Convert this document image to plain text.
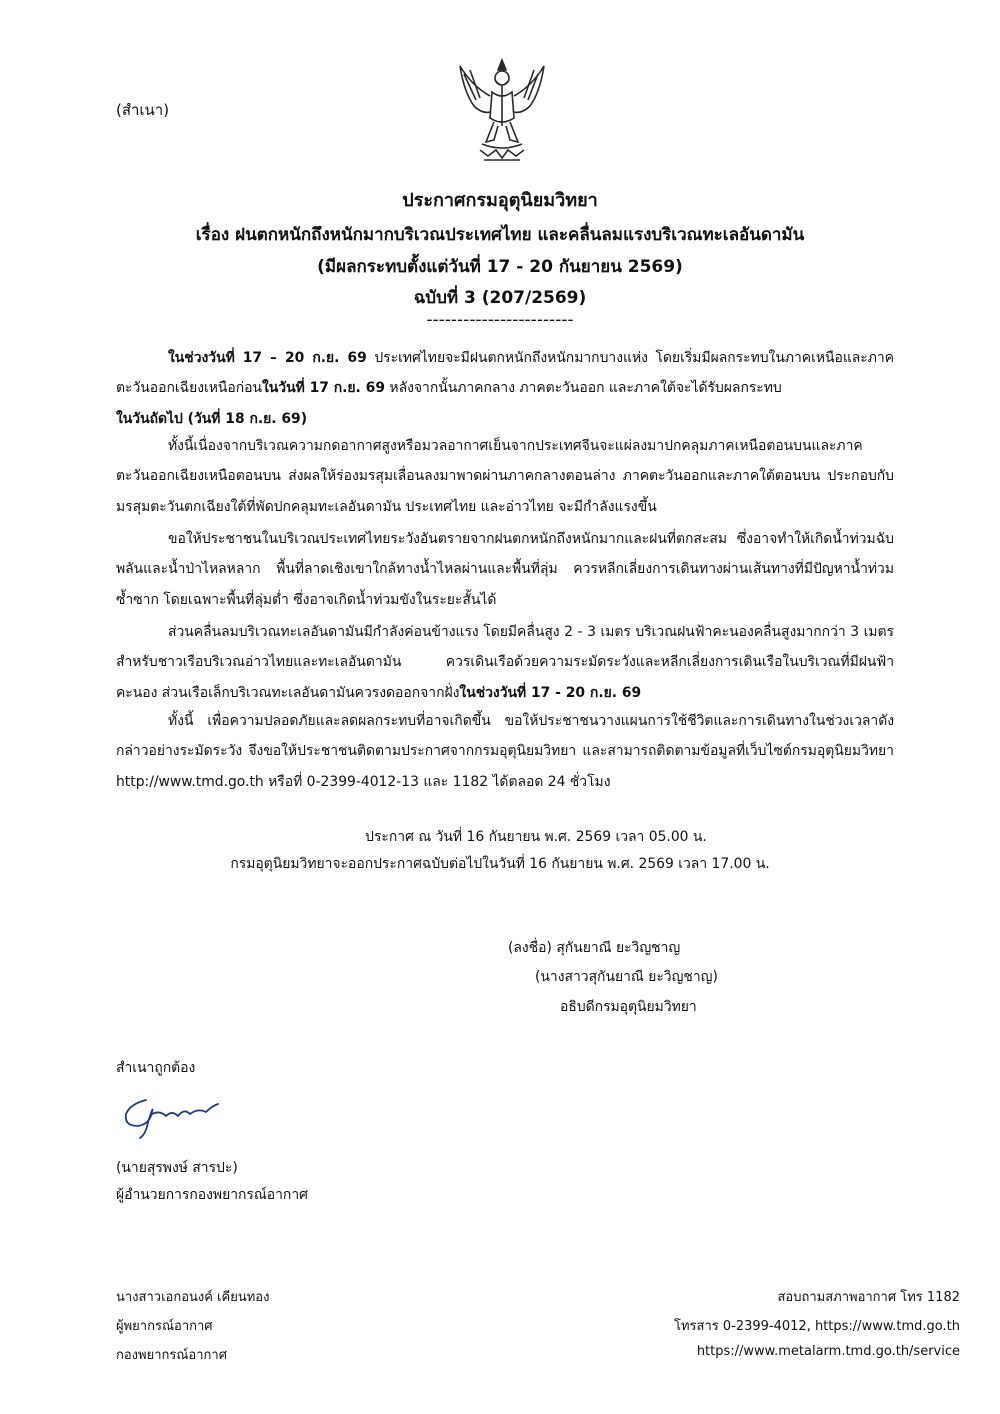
(สำเนา)
ประกาศกรมอุตุนิยมวิทยา
เรื่อง ฝนตกหนักถึงหนักมากบริเวณประเทศไทย และคลื่นลมแรงบริเวณทะเลอันดามัน
(มีผลกระทบตั้งแต่วันที่ 17 - 20 กันยายน 2569)
ฉบับที่ 3 (207/2569)
------------------------

ในช่วงวันที่ 17 – 20 ก.ย. 69 ประเทศไทยจะมีฝนตกหนักถึงหนักมากบางแห่ง โดยเริ่มมีผลกระทบในภาคเหนือและภาคตะวันออกเฉียงเหนือก่อนในวันที่ 17 ก.ย. 69 หลังจากนั้นภาคกลาง ภาคตะวันออก และภาคใต้จะได้รับผลกระทบ
ในวันถัดไป (วันที่ 18 ก.ย. 69)

ทั้งนี้เนื่องจากบริเวณความกดอากาศสูงหรือมวลอากาศเย็นจากประเทศจีนจะแผ่ลงมาปกคลุมภาคเหนือตอนบนและภาคตะวันออกเฉียงเหนือตอนบน ส่งผลให้ร่องมรสุมเลื่อนลงมาพาดผ่านภาคกลางตอนล่าง ภาคตะวันออกและภาคใต้ตอนบน ประกอบกับมรสุมตะวันตกเฉียงใต้ที่พัดปกคลุมทะเลอันดามัน ประเทศไทย และอ่าวไทย จะมีกำลังแรงขึ้น

ขอให้ประชาชนในบริเวณประเทศไทยระวังอันตรายจากฝนตกหนักถึงหนักมากและฝนที่ตกสะสม ซึ่งอาจทำให้เกิดน้ำท่วมฉับพลันและน้ำป่าไหลหลาก พื้นที่ลาดเชิงเขาใกล้ทางน้ำไหลผ่านและพื้นที่ลุ่ม ควรหลีกเลี่ยงการเดินทางผ่านเส้นทางที่มีปัญหาน้ำท่วมซ้ำซาก โดยเฉพาะพื้นที่ลุ่มต่ำ ซึ่งอาจเกิดน้ำท่วมขังในระยะสั้นได้

ส่วนคลื่นลมบริเวณทะเลอันดามันมีกำลังค่อนข้างแรง โดยมีคลื่นสูง 2 - 3 เมตร บริเวณฝนฟ้าคะนองคลื่นสูงมากกว่า 3 เมตร สำหรับชาวเรือบริเวณอ่าวไทยและทะเลอันดามัน ควรเดินเรือด้วยความระมัดระวังและหลีกเลี่ยงการเดินเรือในบริเวณที่มีฝนฟ้าคะนอง ส่วนเรือเล็กบริเวณทะเลอันดามันควรงดออกจากฝั่งในช่วงวันที่ 17 - 20 ก.ย. 69

ทั้งนี้ เพื่อความปลอดภัยและลดผลกระทบที่อาจเกิดขึ้น ขอให้ประชาชนวางแผนการใช้ชีวิตและการเดินทางในช่วงเวลาดังกล่าวอย่างระมัดระวัง จึงขอให้ประชาชนติดตามประกาศจากกรมอุตุนิยมวิทยา และสามารถติดตามข้อมูลที่เว็บไซต์กรมอุตุนิยมวิทยา http://www.tmd.go.th หรือที่ 0-2399-4012-13 และ 1182 ได้ตลอด 24 ชั่วโมง

ประกาศ ณ วันที่ 16 กันยายน พ.ศ. 2569 เวลา 05.00 น.
กรมอุตุนิยมวิทยาจะออกประกาศฉบับต่อไปในวันที่ 16 กันยายน พ.ศ. 2569 เวลา 17.00 น.
(ลงชื่อ) สุกันยาณี ยะวิญชาญ
(นางสาวสุกันยาณี ยะวิญชาญ)
อธิบดีกรมอุตุนิยมวิทยา
สำเนาถูกต้อง
(นายสุรพงษ์ สารปะ)
ผู้อำนวยการกองพยากรณ์อากาศ
นางสาวเอกอนงค์ เคียนทอง
ผู้พยากรณ์อากาศ
กองพยากรณ์อากาศ
สอบถามสภาพอากาศ โทร 1182
โทรสาร 0-2399-4012, https://www.tmd.go.th
https://www.metalarm.tmd.go.th/service
